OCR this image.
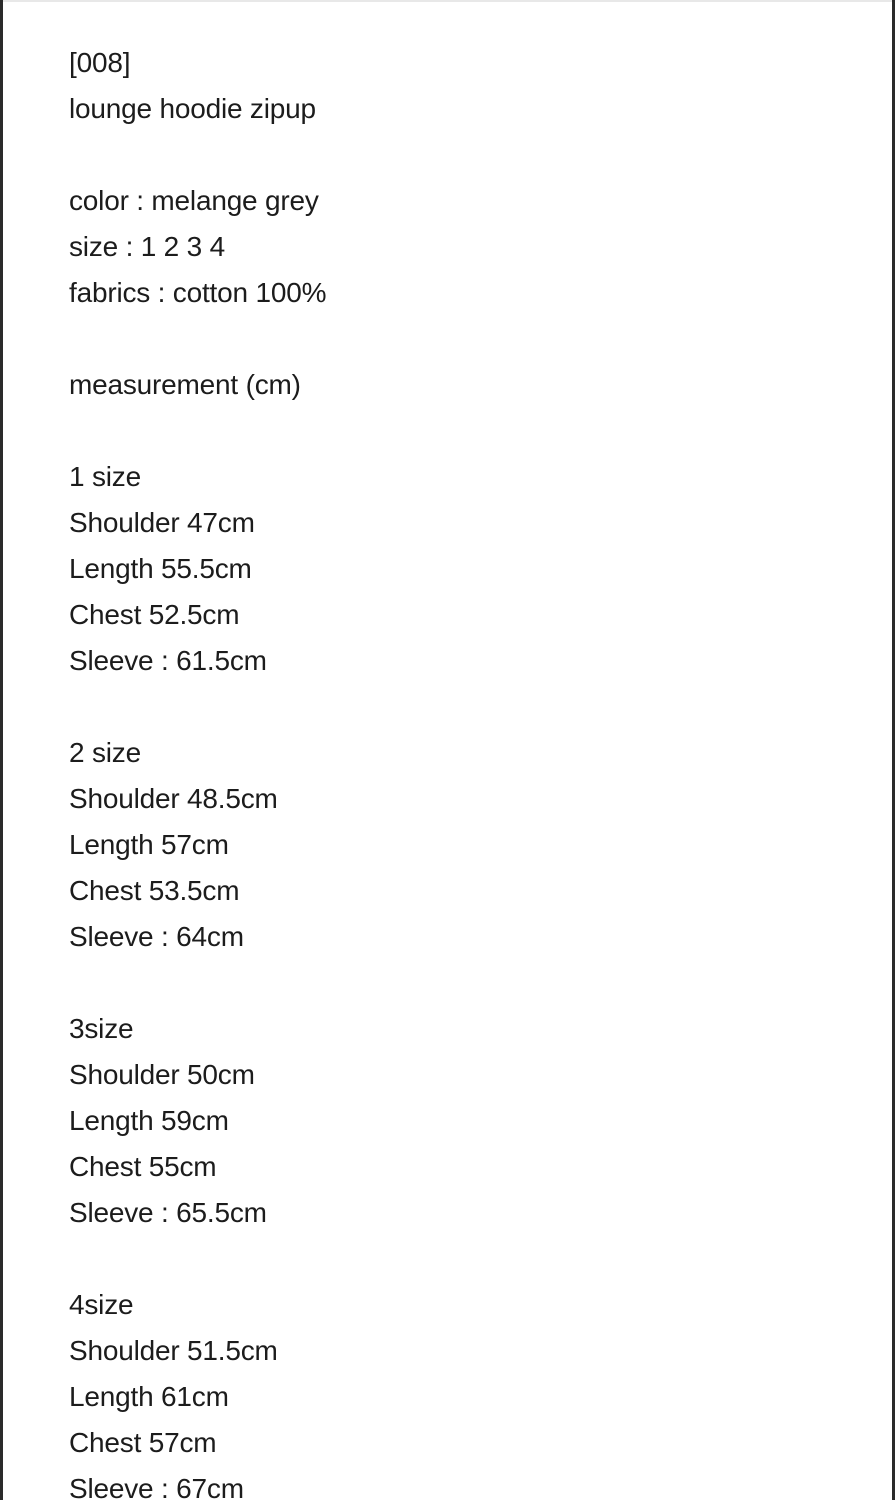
[008]
lounge hoodie zipup
color : melange grey
size : 1 2 3 4
fabrics : cotton 100%
measurement (cm)
1 size
Shoulder 47cm
Length 55.5cm
Chest 52.5cm
Sleeve : 61.5cm
2 size
Shoulder 48.5cm
Length 57cm
Chest 53.5cm
Sleeve : 64cm
3size
Shoulder 50cm
Length 59cm
Chest 55cm
Sleeve : 65.5cm
4size
Shoulder 51.5cm
Length 61cm
Chest 57cm
Sleeve : 67cm
